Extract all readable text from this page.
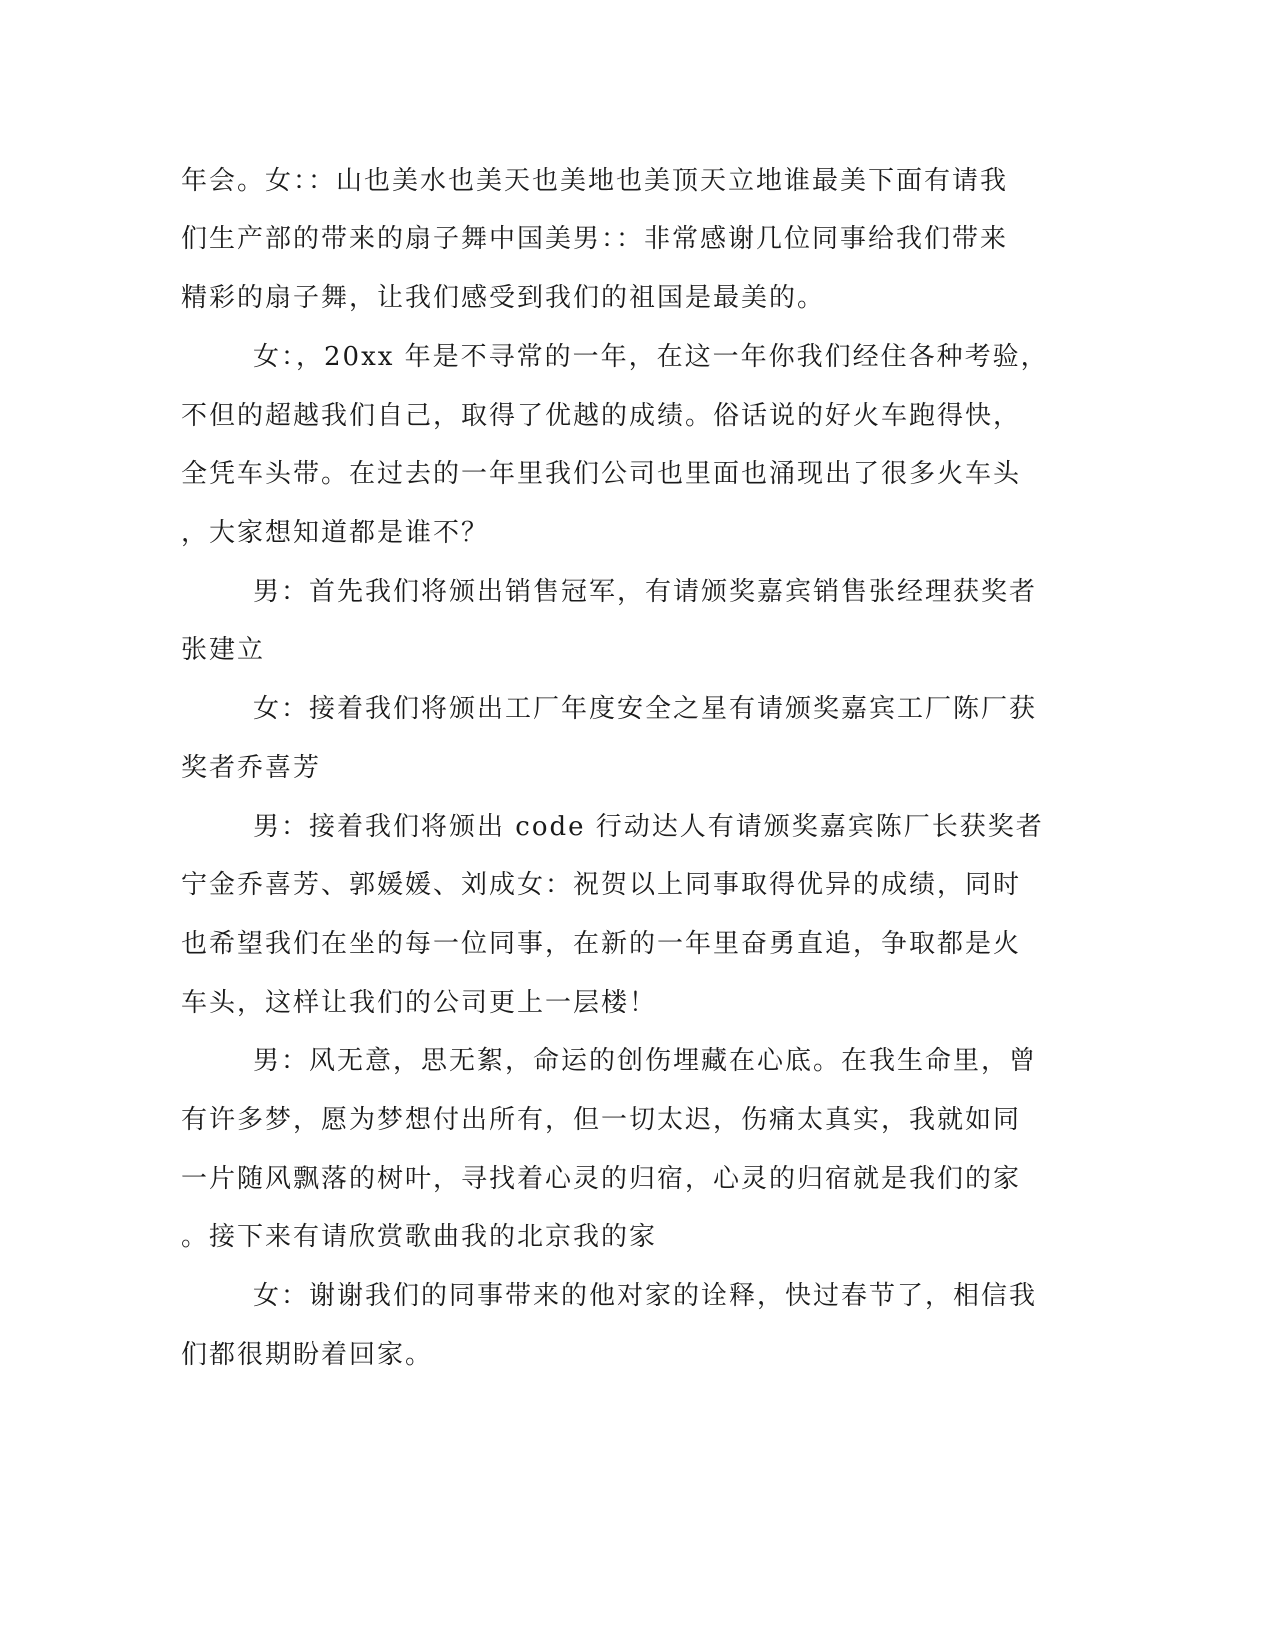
年会。女：：山也美水也美天也美地也美顶天立地谁最美下面有请我
们生产部的带来的扇子舞中国美男：：非常感谢几位同事给我们带来
精彩的扇子舞，让我们感受到我们的祖国是最美的。
女：，20xx 年是不寻常的一年，在这一年你我们经住各种考验，
不但的超越我们自己，取得了优越的成绩。俗话说的好火车跑得快，
全凭车头带。在过去的一年里我们公司也里面也涌现出了很多火车头
，大家想知道都是谁不？
男：首先我们将颁出销售冠军，有请颁奖嘉宾销售张经理获奖者
张建立
女：接着我们将颁出工厂年度安全之星有请颁奖嘉宾工厂陈厂获
奖者乔喜芳
男：接着我们将颁出 code 行动达人有请颁奖嘉宾陈厂长获奖者
宁金乔喜芳、郭媛媛、刘成女：祝贺以上同事取得优异的成绩，同时
也希望我们在坐的每一位同事，在新的一年里奋勇直追，争取都是火
车头，这样让我们的公司更上一层楼！
男：风无意，思无絮，命运的创伤埋藏在心底。在我生命里，曾
有许多梦，愿为梦想付出所有，但一切太迟，伤痛太真实，我就如同
一片随风飘落的树叶，寻找着心灵的归宿，心灵的归宿就是我们的家
。接下来有请欣赏歌曲我的北京我的家
女：谢谢我们的同事带来的他对家的诠释，快过春节了，相信我
们都很期盼着回家。
